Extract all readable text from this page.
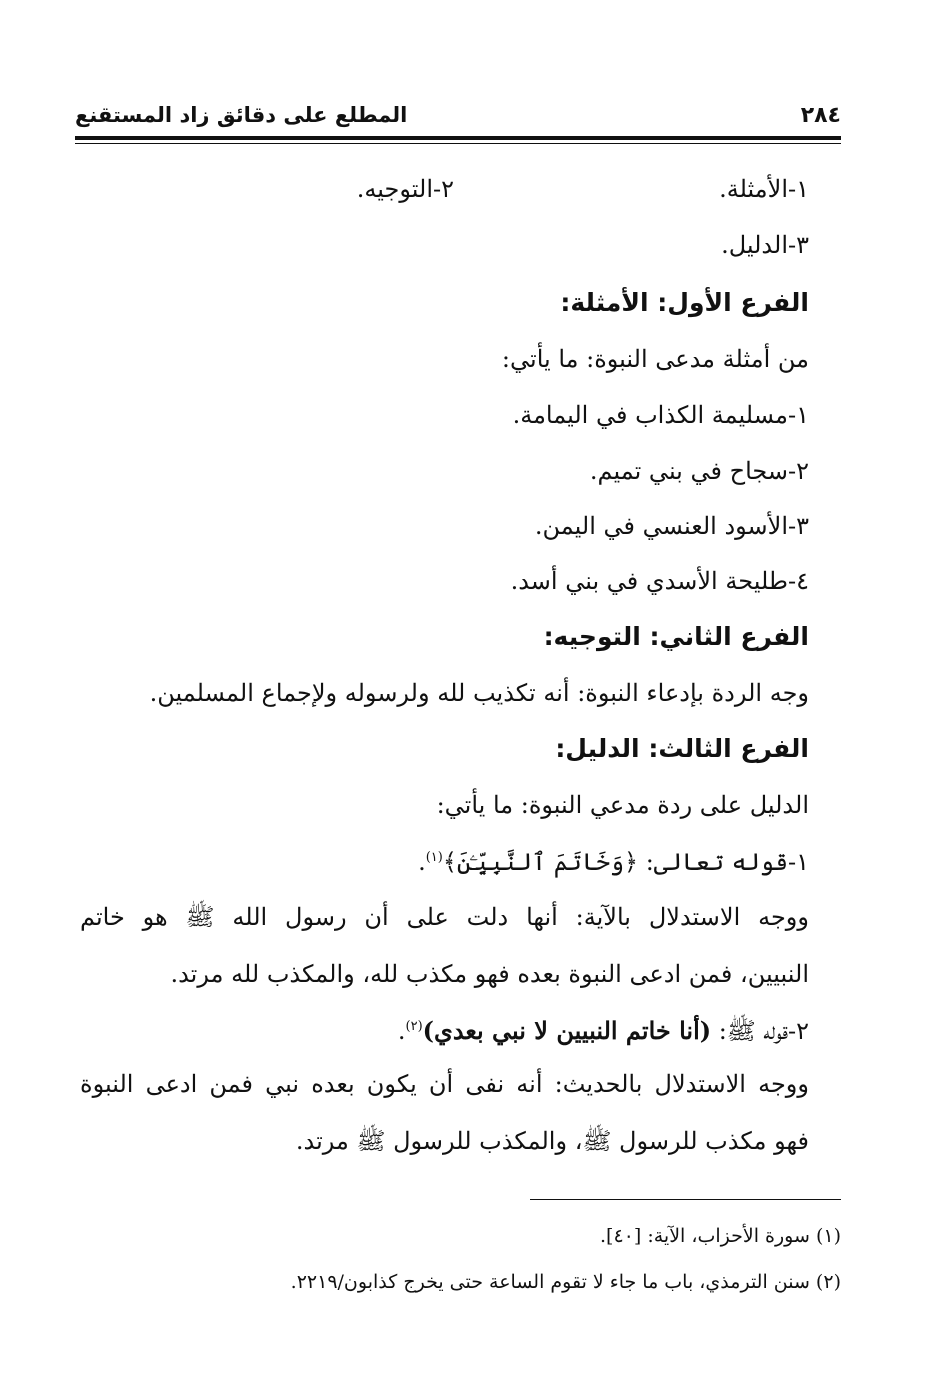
٢٨٤
المطلع على دقائق زاد المستقنع
١-الأمثلة.
٢-التوجيه.
٣-الدليل.
الفرع الأول: الأمثلة:
من أمثلة مدعى النبوة: ما يأتي:
١-مسليمة الكذاب في اليمامة.
٢-سجاح في بني تميم.
٣-الأسود العنسي في اليمن.
٤-طليحة الأسدي في بني أسد.
الفرع الثاني: التوجيه:
وجه الردة بإدعاء النبوة: أنه تكذيب لله ولرسوله ولإجماع المسلمين.
الفرع الثالث: الدليل:
الدليل على ردة مدعي النبوة: ما يأتي:
١-قوله تعالى: ﴿وَخَاتَمَ ٱلنَّبِيِّـۧنَ﴾$^{(١)}$.
ووجه الاستدلال بالآية: أنها دلت على أن رسول الله ﷺ هو خاتم
النبيين، فمن ادعى النبوة بعده فهو مكذب لله، والمكذب لله مرتد.
٢-قوله ﷺ: (أنا خاتم النبيين لا نبي بعدي)$^{(٢)}$.
ووجه الاستدلال بالحديث: أنه نفى أن يكون بعده نبي فمن ادعى النبوة
فهو مكذب للرسول ﷺ، والمكذب للرسول ﷺ مرتد.
(١) سورة الأحزاب، الآية: [٤٠].
(٢) سنن الترمذي، باب ما جاء لا تقوم الساعة حتى يخرج كذابون/٢٢١٩.
